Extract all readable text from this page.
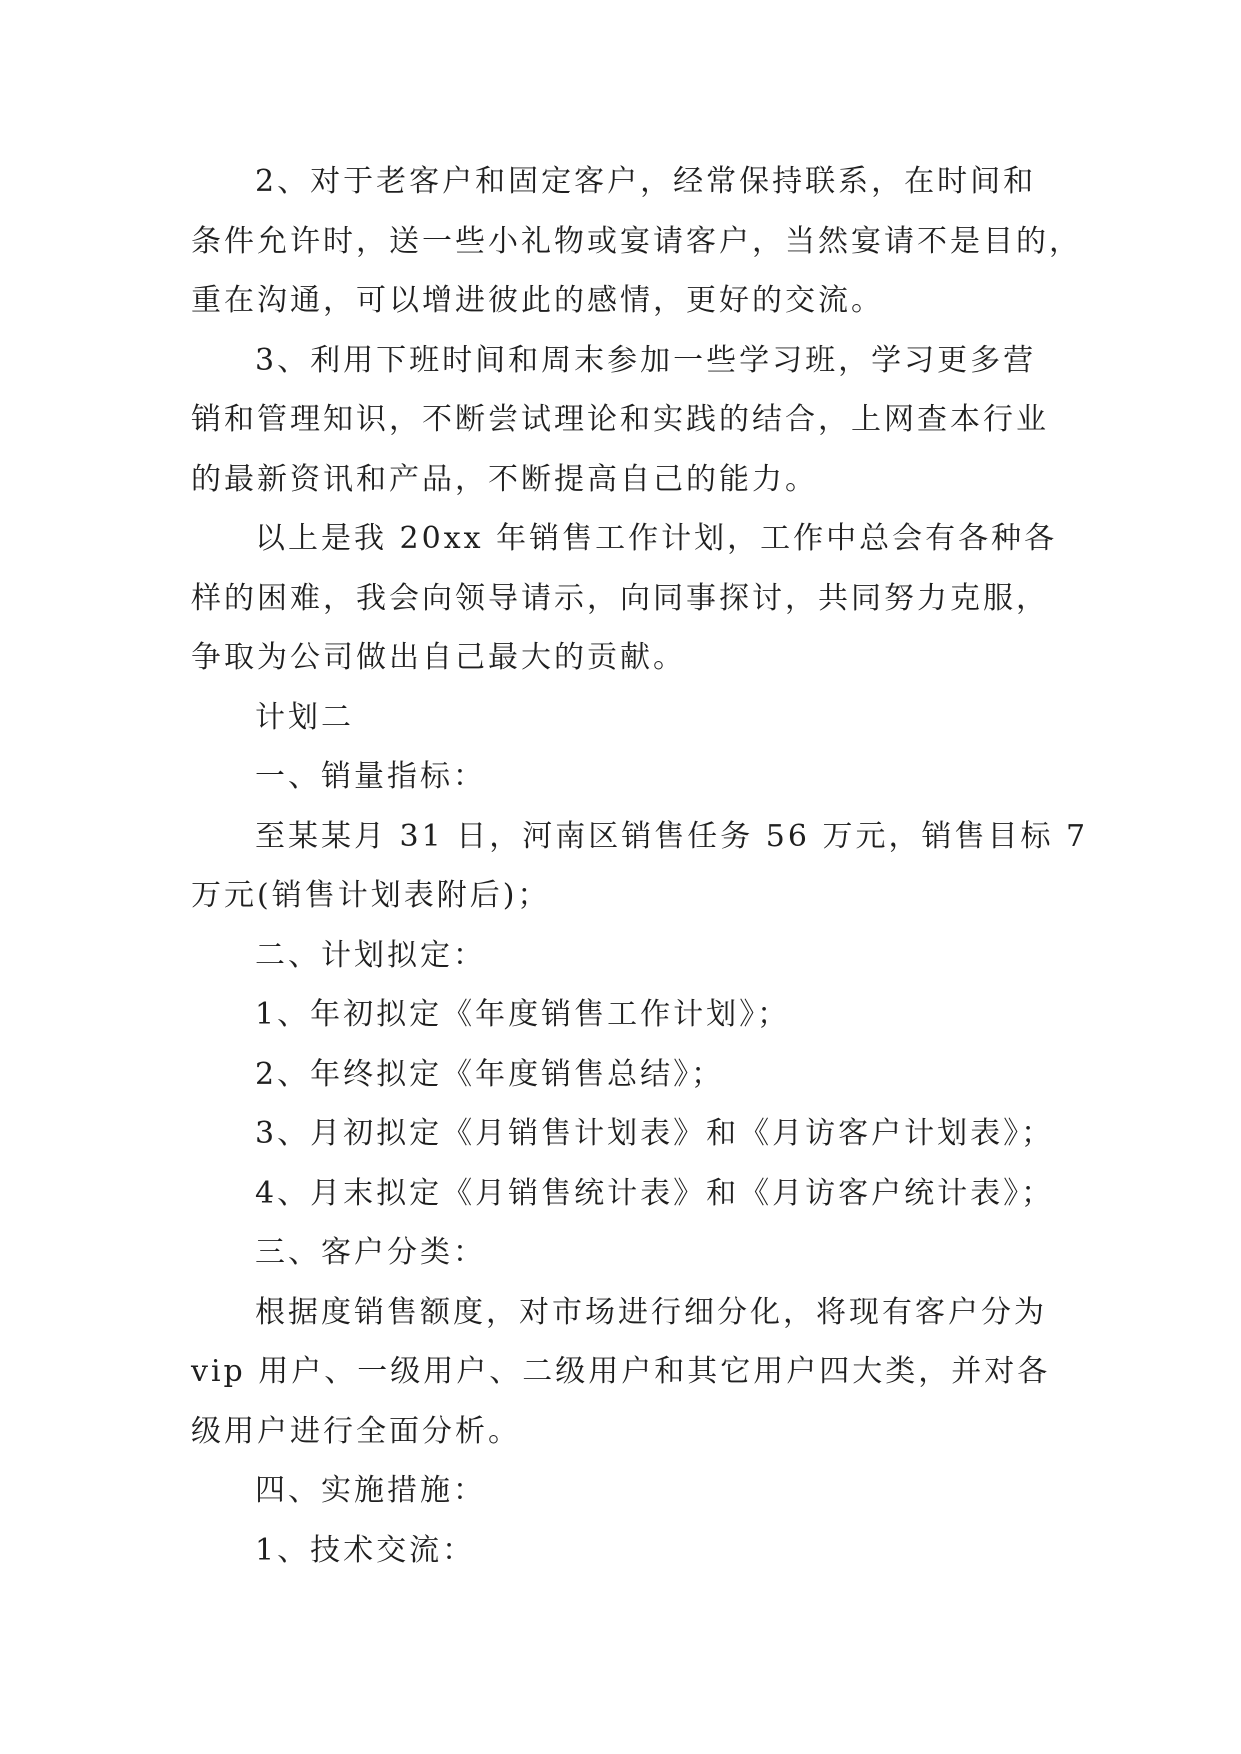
2、对于老客户和固定客户，经常保持联系，在时间和
条件允许时，送一些小礼物或宴请客户，当然宴请不是目的，
重在沟通，可以增进彼此的感情，更好的交流。

3、利用下班时间和周末参加一些学习班，学习更多营
销和管理知识，不断尝试理论和实践的结合，上网查本行业
的最新资讯和产品，不断提高自己的能力。

以上是我 20xx 年销售工作计划，工作中总会有各种各
样的困难，我会向领导请示，向同事探讨，共同努力克服，
争取为公司做出自己最大的贡献。

计划二

一、销量指标：

至某某月 31 日，河南区销售任务 56 万元，销售目标 7
万元(销售计划表附后)；

二、计划拟定：

1、年初拟定《年度销售工作计划》；

2、年终拟定《年度销售总结》；

3、月初拟定《月销售计划表》和《月访客户计划表》；

4、月末拟定《月销售统计表》和《月访客户统计表》；

三、客户分类：

根据度销售额度，对市场进行细分化，将现有客户分为
vip 用户、一级用户、二级用户和其它用户四大类，并对各
级用户进行全面分析。

四、实施措施：

1、技术交流：
